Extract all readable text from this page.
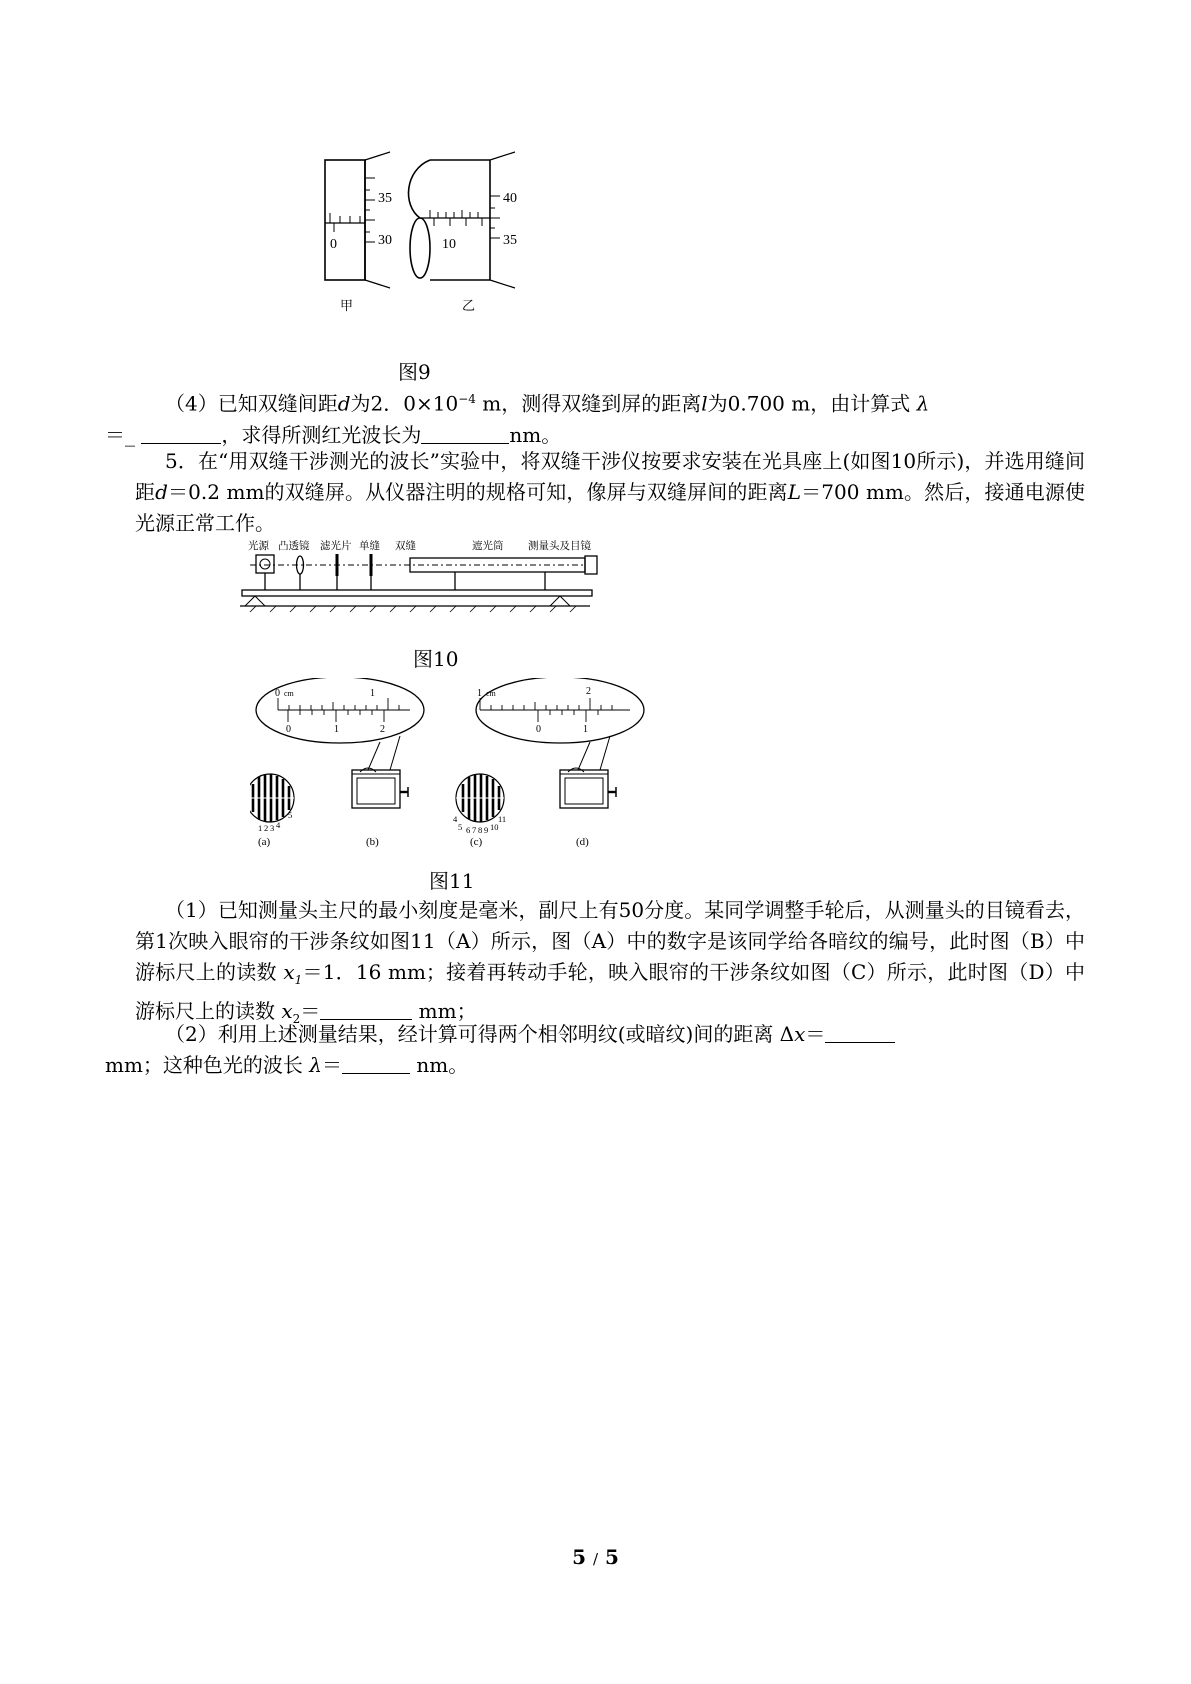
35
30
0
甲
40
35
10
乙
图9
（4）已知双缝间距d为2．$0\times 10^{-4}$ m，测得双缝到屏的距离l为0.700 m，由计算式 λ
＝_	，求得所测红光波长为	nm。
5．在“用双缝干涉测光的波长”实验中，将双缝干涉仪按要求安装在光具座上(如图10所示)，并选用缝间距d＝0.2 mm的双缝屏。从仪器注明的规格可知，像屏与双缝屏间的距离L＝700 mm。然后，接通电源使光源正常工作。
光源 凸透镜 滤光片 单缝 双缝	遮光筒 测量头及目镜
图10
0 cm	1
0	1	2
1 2 3 4
5
1 cm	2
0	1
4
5 6 7 8 9 10
11
(a)	(b)	(c)	(d)
图11
（1）已知测量头主尺的最小刻度是毫米，副尺上有50分度。某同学调整手轮后，从测量头的目镜看去，第1次映入眼帘的干涉条纹如图11（A）所示，图（A）中的数字是该同学给各暗纹的编号，此时图（B）中游标尺上的读数 $x_1=1$．16 mm；接着再转动手轮，映入眼帘的干涉条纹如图（C）所示，此时图（D）中游标尺上的读数 $x_2=$	mm；
（2）利用上述测量结果，经计算可得两个相邻明纹(或暗纹)间的距离 Δx＝
mm；这种色光的波长 λ＝	nm。
5 / 5
